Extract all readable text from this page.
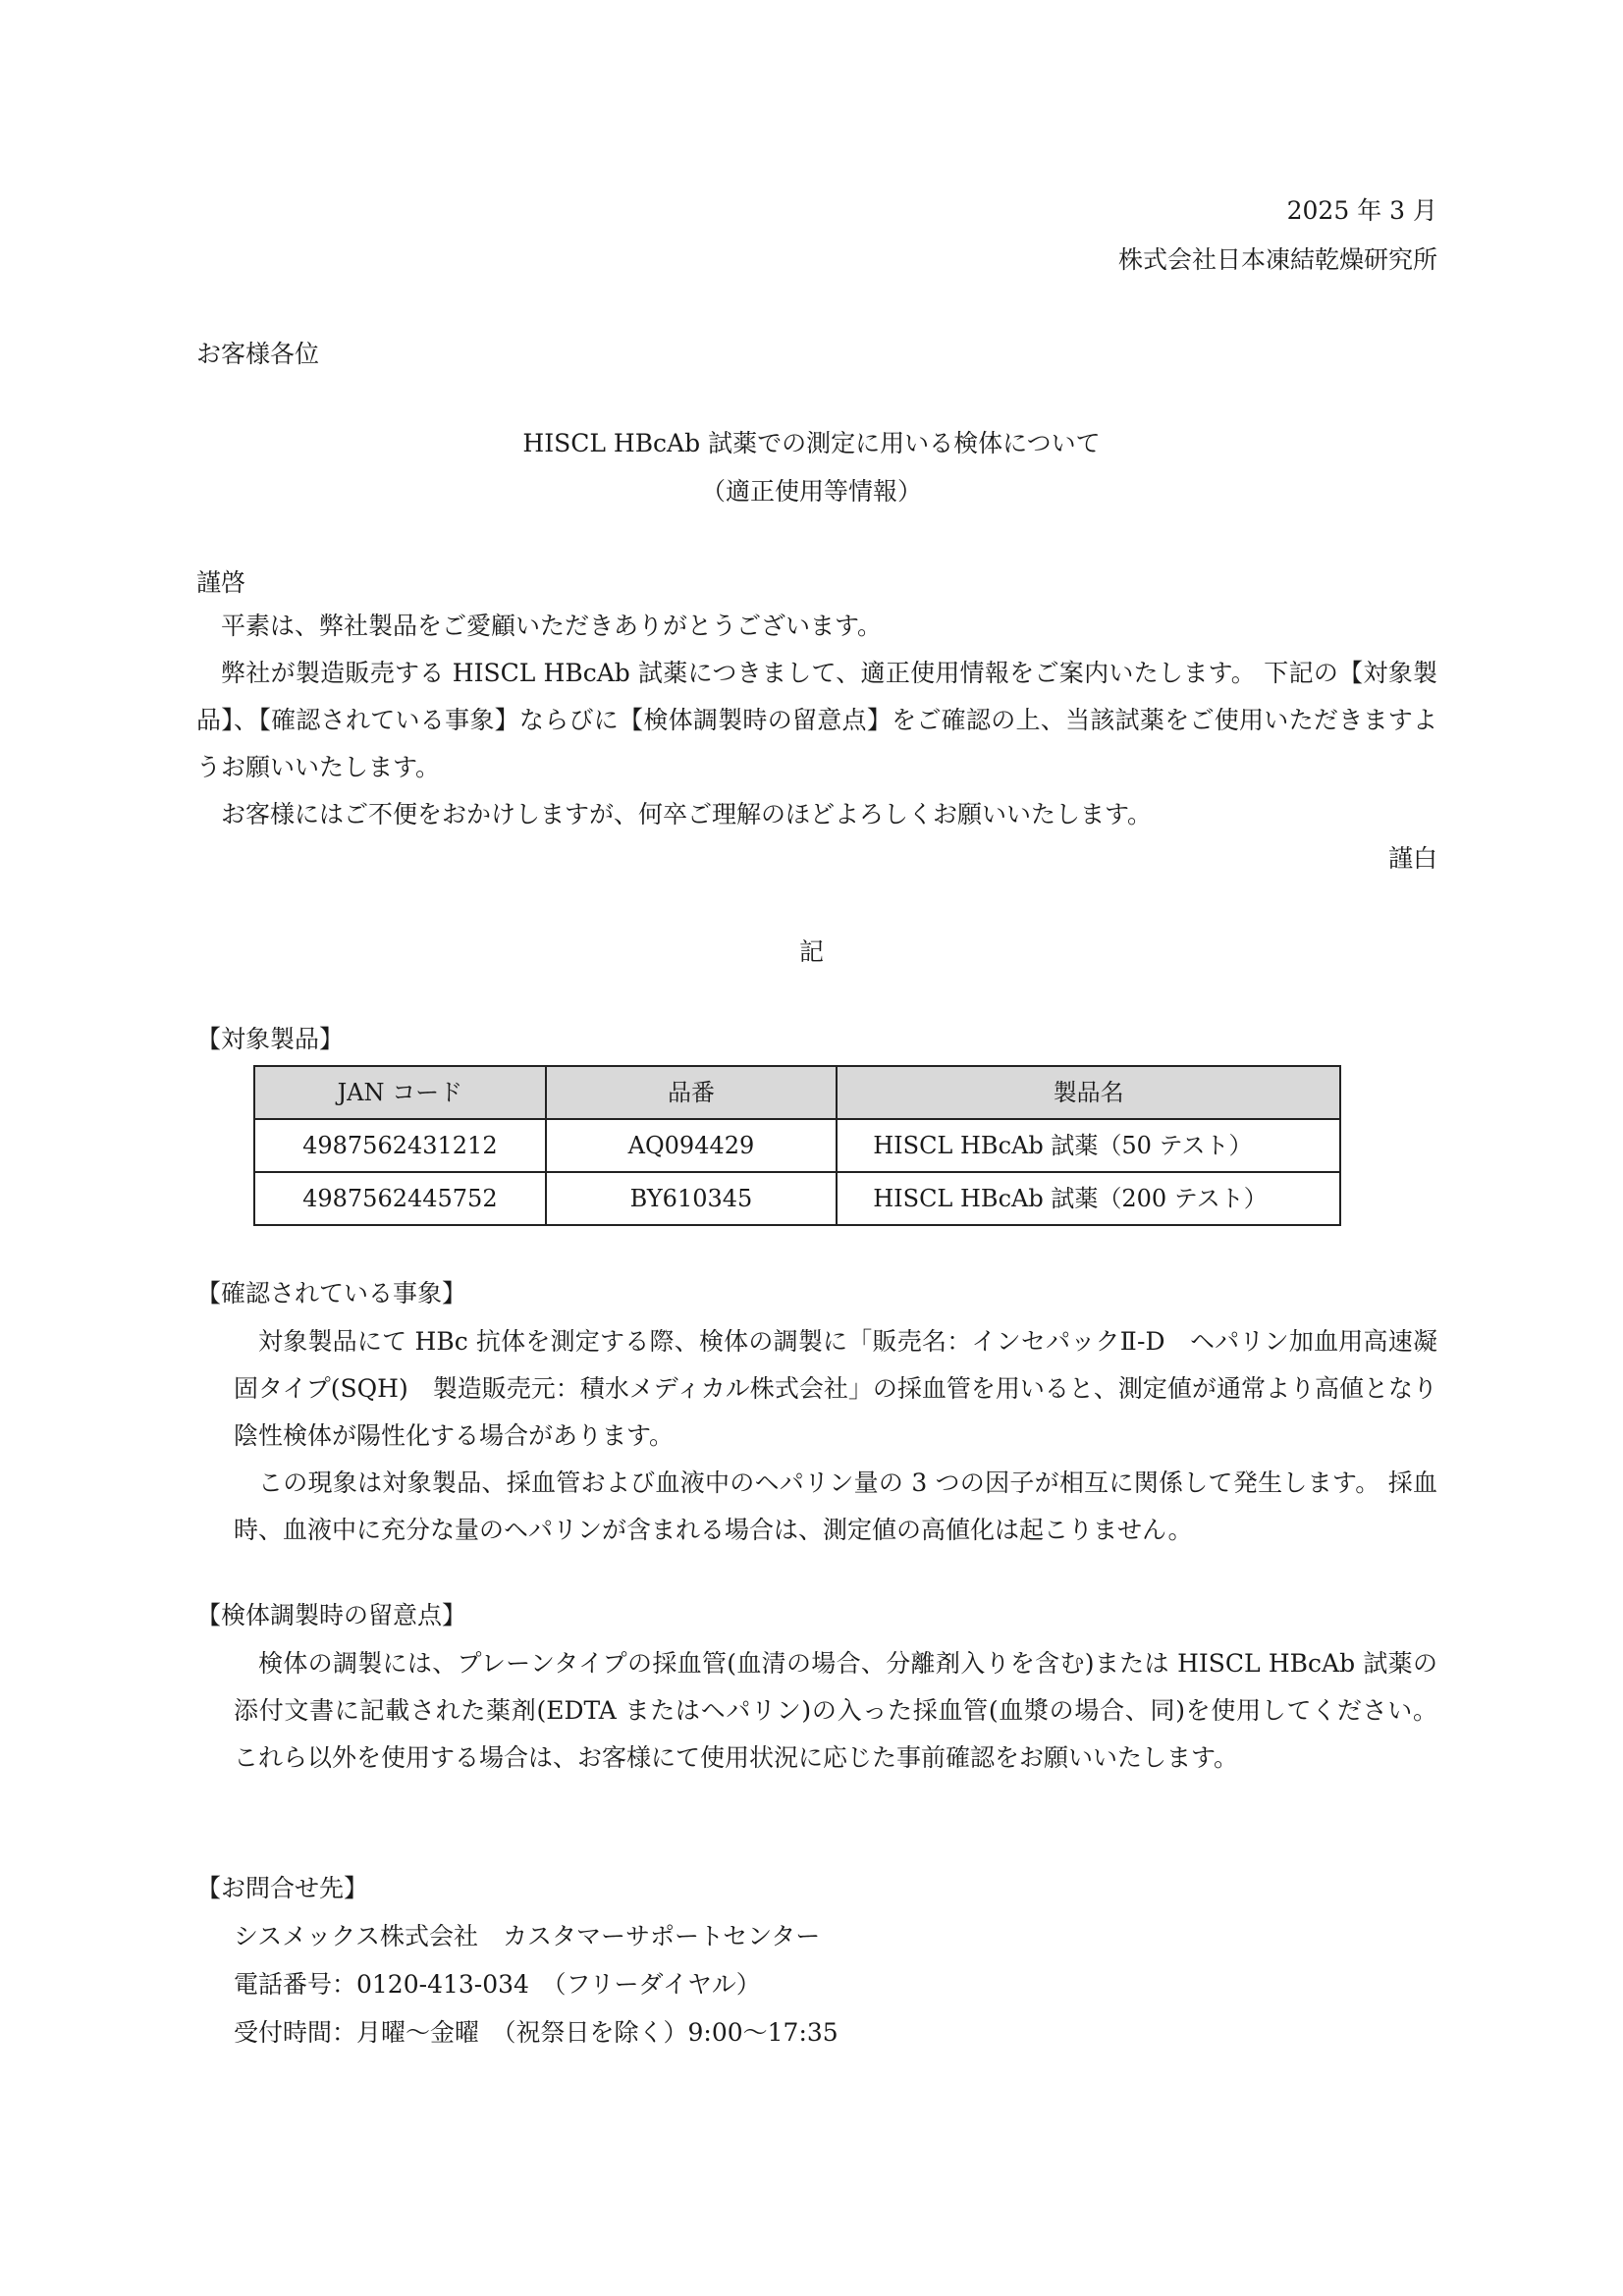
2025 年 3 月

株式会社日本凍結乾燥研究所

お客様各位

HISCL HBcAb 試薬での測定に用いる検体について

（適正使用等情報）

謹啓

平素は、弊社製品をご愛顧いただきありがとうございます。

弊社が製造販売する HISCL HBcAb 試薬につきまして、適正使用情報をご案内いたします。 下記の【対象製品】、【確認されている事象】ならびに【検体調製時の留意点】をご確認の上、当該試薬をご使用いただきますようお願いいたします。

お客様にはご不便をおかけしますが、何卒ご理解のほどよろしくお願いいたします。

謹白

記

【対象製品】

JAN コード	品番	製品名
4987562431212	AQ094429	HISCL HBcAb 試薬（50 テスト）
4987562445752	BY610345	HISCL HBcAb 試薬（200 テスト）

【確認されている事象】

対象製品にて HBc 抗体を測定する際、検体の調製に「販売名：インセパックⅡ-D　ヘパリン加血用高速凝固タイプ(SQH)　製造販売元：積水メディカル株式会社」の採血管を用いると、測定値が通常より高値となり陰性検体が陽性化する場合があります。

この現象は対象製品、採血管および血液中のヘパリン量の 3 つの因子が相互に関係して発生します。 採血時、血液中に充分な量のヘパリンが含まれる場合は、測定値の高値化は起こりません。

【検体調製時の留意点】

検体の調製には、プレーンタイプの採血管(血清の場合、分離剤入りを含む)または HISCL HBcAb 試薬の添付文書に記載された薬剤(EDTA またはヘパリン)の入った採血管(血漿の場合、同)を使用してください。 これら以外を使用する場合は、お客様にて使用状況に応じた事前確認をお願いいたします。

【お問合せ先】

シスメックス株式会社　カスタマーサポートセンター

電話番号：0120-413-034　（フリーダイヤル）

受付時間：月曜～金曜　（祝祭日を除く）9:00～17:35
